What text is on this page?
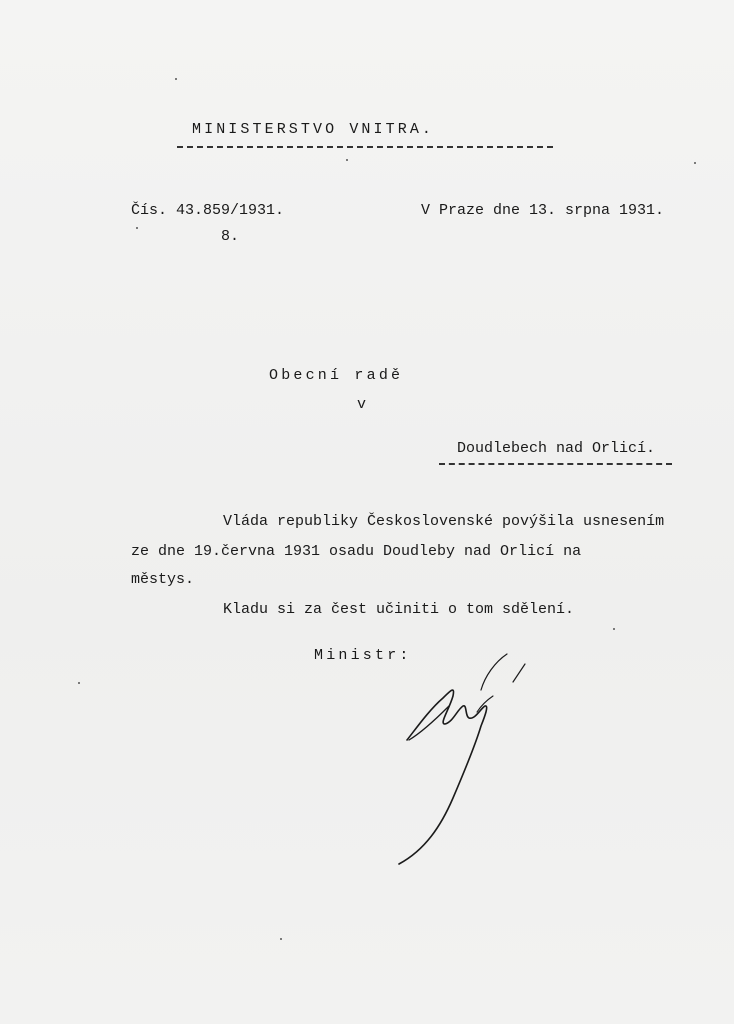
MINISTERSTVO VNITRA.
Čís. 43.859/1931.
8.
V Praze dne 13. srpna 1931.
Obecní radě
v
Doudlebech nad Orlicí.
Vláda republiky Československé povýšila usnesením
ze dne 19.června 1931 osadu Doudleby nad Orlicí na
městys.
Kladu si za čest učiniti o tom sdělení.
Ministr:
